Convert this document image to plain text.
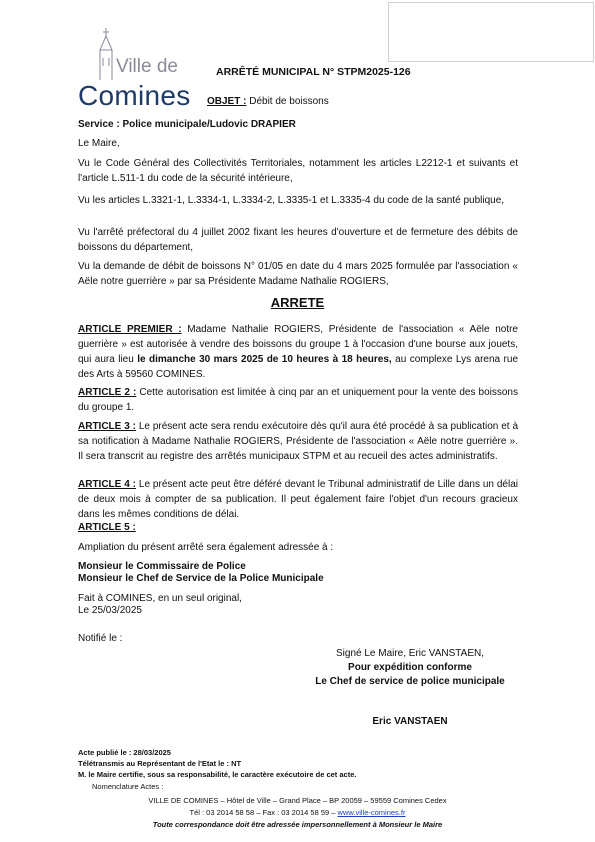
Ville de
Comines
ARRÊTÉ MUNICIPAL N° STPM2025-126
OBJET : Débit de boissons
Service : Police municipale/Ludovic DRAPIER
Le Maire,
Vu le Code Général des Collectivités Territoriales, notamment les articles L2212-1 et suivants et l'article L.511-1 du code de la sécurité intérieure,
Vu les articles L.3321-1, L.3334-1, L.3334-2, L.3335-1 et L.3335-4 du code de la santé publique,
Vu l'arrêté préfectoral du 4 juillet 2002 fixant les heures d'ouverture et de fermeture des débits de boissons du département,
Vu la demande de débit de boissons N° 01/05 en date du 4 mars 2025 formulée par l'association « Aële notre guerrière » par sa Présidente Madame Nathalie ROGIERS,
ARRETE
ARTICLE PREMIER : Madame Nathalie ROGIERS, Présidente de l'association « Aële notre guerrière » est autorisée à vendre des boissons du groupe 1 à l'occasion d'une bourse aux jouets, qui aura lieu le dimanche 30 mars 2025 de 10 heures à 18 heures, au complexe Lys arena rue des Arts à 59560 COMINES.
ARTICLE 2 : Cette autorisation est limitée à cinq par an et uniquement pour la vente des boissons du groupe 1.
ARTICLE 3 : Le présent acte sera rendu exécutoire dès qu'il aura été procédé à sa publication et à sa notification à Madame Nathalie ROGIERS, Présidente de l'association « Aële notre guerrière ». Il sera transcrit au registre des arrêtés municipaux STPM et au recueil des actes administratifs.
ARTICLE 4 : Le présent acte peut être déféré devant le Tribunal administratif de Lille dans un délai de deux mois à compter de sa publication. Il peut également faire l'objet d'un recours gracieux dans les mêmes conditions de délai.
ARTICLE 5 :
Ampliation du présent arrêté sera également adressée à :
Monsieur le Commissaire de Police
Monsieur le Chef de Service de la Police Municipale
Fait à COMINES, en un seul original,
Le 25/03/2025
Notifié le :
Signé Le Maire, Eric VANSTAEN,
Pour expédition conforme
Le Chef de service de police municipale
Eric VANSTAEN
Acte publié le : 28/03/2025
Télétransmis au Représentant de l'Etat le : NT
M. le Maire certifie, sous sa responsabilité, le caractère exécutoire de cet acte.
Nomenclature Actes :
VILLE DE COMINES – Hôtel de Ville – Grand Place – BP 20059 – 59559 Comines Cedex
Tél : 03 2014 58 58 – Fax : 03 2014 58 59 – www.ville-comines.fr
Toute correspondance doit être adressée impersonnellement à Monsieur le Maire
